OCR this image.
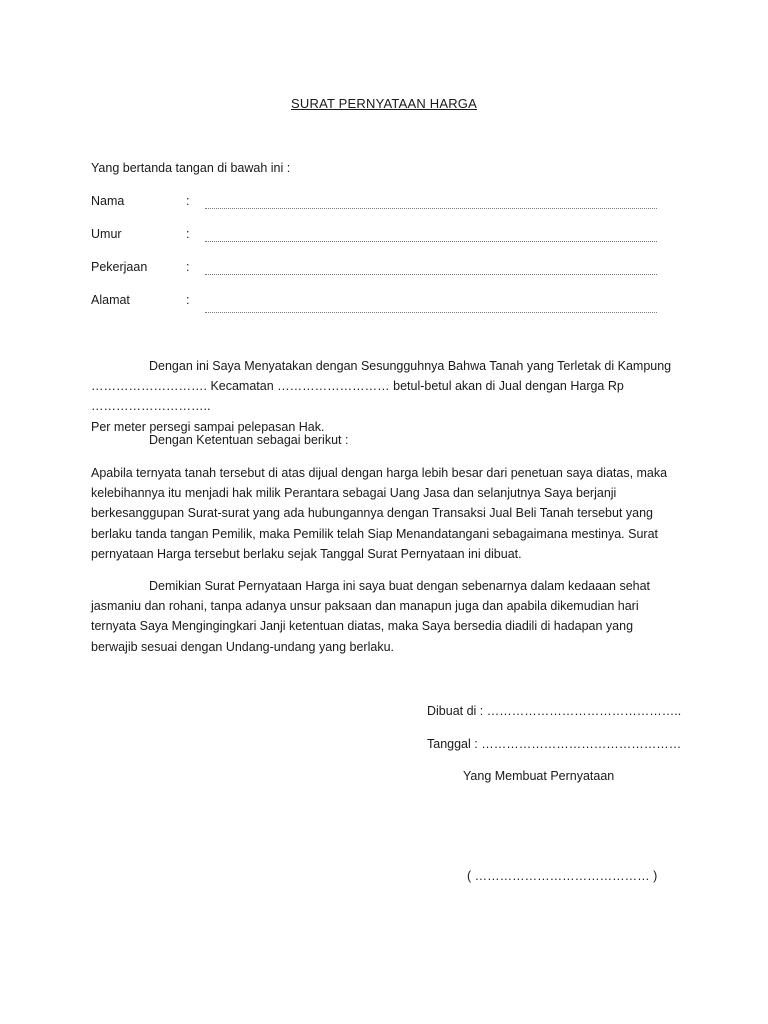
SURAT PERNYATAAN HARGA
Yang bertanda tangan di bawah ini :
Nama	:
Umur	:
Pekerjaan	:
Alamat	:
Dengan ini Saya Menyatakan dengan Sesungguhnya Bahwa Tanah yang Terletak di Kampung
………………………. Kecamatan ……………………… betul-betul akan di Jual dengan Harga Rp ………………………..
Per meter persegi sampai pelepasan Hak.
Dengan Ketentuan sebagai berikut :
Apabila ternyata tanah tersebut di atas dijual dengan harga lebih besar dari penetuan saya diatas, maka
kelebihannya itu menjadi hak milik Perantara sebagai Uang Jasa dan selanjutnya Saya berjanji
berkesanggupan Surat-surat yang ada hubungannya dengan Transaksi Jual Beli Tanah tersebut yang
berlaku tanda tangan Pemilik, maka Pemilik telah Siap Menandatangani sebagaimana mestinya. Surat
pernyataan Harga tersebut berlaku sejak Tanggal Surat Pernyataan ini dibuat.
Demikian Surat Pernyataan Harga ini saya buat dengan sebenarnya dalam kedaaan sehat
jasmaniu dan rohani, tanpa adanya unsur paksaan dan manapun juga dan apabila dikemudian hari
ternyata Saya Mengingingkari Janji ketentuan diatas, maka Saya bersedia diadili di hadapan yang
berwajib sesuai dengan Undang-undang yang berlaku.
Dibuat di : ………………………………………..
Tanggal : …………………………………………
Yang Membuat Pernyataan
( …………………………………… )
